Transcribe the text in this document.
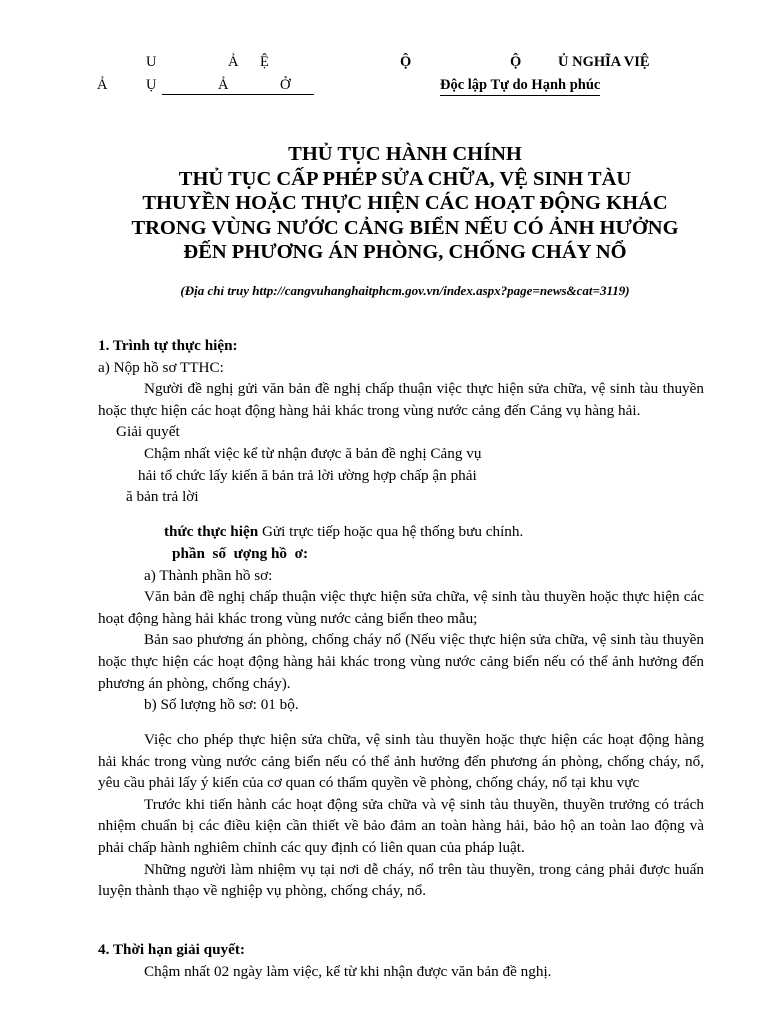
U	Ả Ệ
Ả	Ụ	Ả	Ở
Ộ	Ộ	Ủ NGHĨA VIỆ
Độc lập Tự do Hạnh phúc
THỦ TỤC HÀNH CHÍNH
THỦ TỤC CẤP PHÉP SỬA CHỮA, VỆ SINH TÀU
THUYỀN HOẶC THỰC HIỆN CÁC HOẠT ĐỘNG KHÁC
TRONG VÙNG NƯỚC CẢNG BIỂN NẾU CÓ ẢNH HƯỞNG
ĐẾN PHƯƠNG ÁN PHÒNG, CHỐNG CHÁY NỔ
(Địa chỉ truy http://cangvuhanghaitphcm.gov.vn/index.aspx?page=news&cat=3119)

1. Trình tự thực hiện:

a) Nộp hồ sơ TTHC:

Người đề nghị gửi văn bản đề nghị chấp thuận việc thực hiện sửa chữa, vệ sinh tàu thuyền hoặc thực hiện các hoạt động hàng hải khác trong vùng nước cảng đến Cảng vụ hàng hải.

Giải quyết

Chậm nhất việc kể từ nhận được ă bản đề nghị Cảng vụ
hải tổ chức lấy kiến ă bản trả lời ường hợp chấp ận phải
ă bản trả lời

thức thực hiện Gửi trực tiếp hoặc qua hệ thống bưu chính.

phần  số  ượng hồ  ơ:

a) Thành phần hồ sơ:

Văn bản đề nghị chấp thuận việc thực hiện sửa chữa, vệ sinh tàu thuyền hoặc thực hiện các hoạt động hàng hải khác trong vùng nước cảng biển theo mẫu;

Bản sao phương án phòng, chống cháy nổ (Nếu việc thực hiện sửa chữa, vệ sinh tàu thuyền hoặc thực hiện các hoạt động hàng hải khác trong vùng nước cảng biển nếu có thể ảnh hưởng đến phương án phòng, chống cháy).

b) Số lượng hồ sơ: 01 bộ.

Việc cho phép thực hiện sửa chữa, vệ sinh tàu thuyền hoặc thực hiện các hoạt động hàng hải khác trong vùng nước cảng biển nếu có thể ảnh hưởng đến phương án phòng, chống cháy, nổ, yêu cầu phải lấy ý kiến của cơ quan có thẩm quyền về phòng, chống cháy, nổ tại khu vực

Trước khi tiến hành các hoạt động sửa chữa và vệ sinh tàu thuyền, thuyền trưởng có trách nhiệm chuẩn bị các điều kiện cần thiết về bảo đảm an toàn hàng hải, bảo hộ an toàn lao động và phải chấp hành nghiêm chỉnh các quy định có liên quan của pháp luật.

Những người làm nhiệm vụ tại nơi dễ cháy, nổ trên tàu thuyền, trong cảng phải được huấn luyện thành thạo về nghiệp vụ phòng, chống cháy, nổ.

4. Thời hạn giải quyết:

Chậm nhất 02 ngày làm việc, kể từ khi nhận được văn bản đề nghị.
